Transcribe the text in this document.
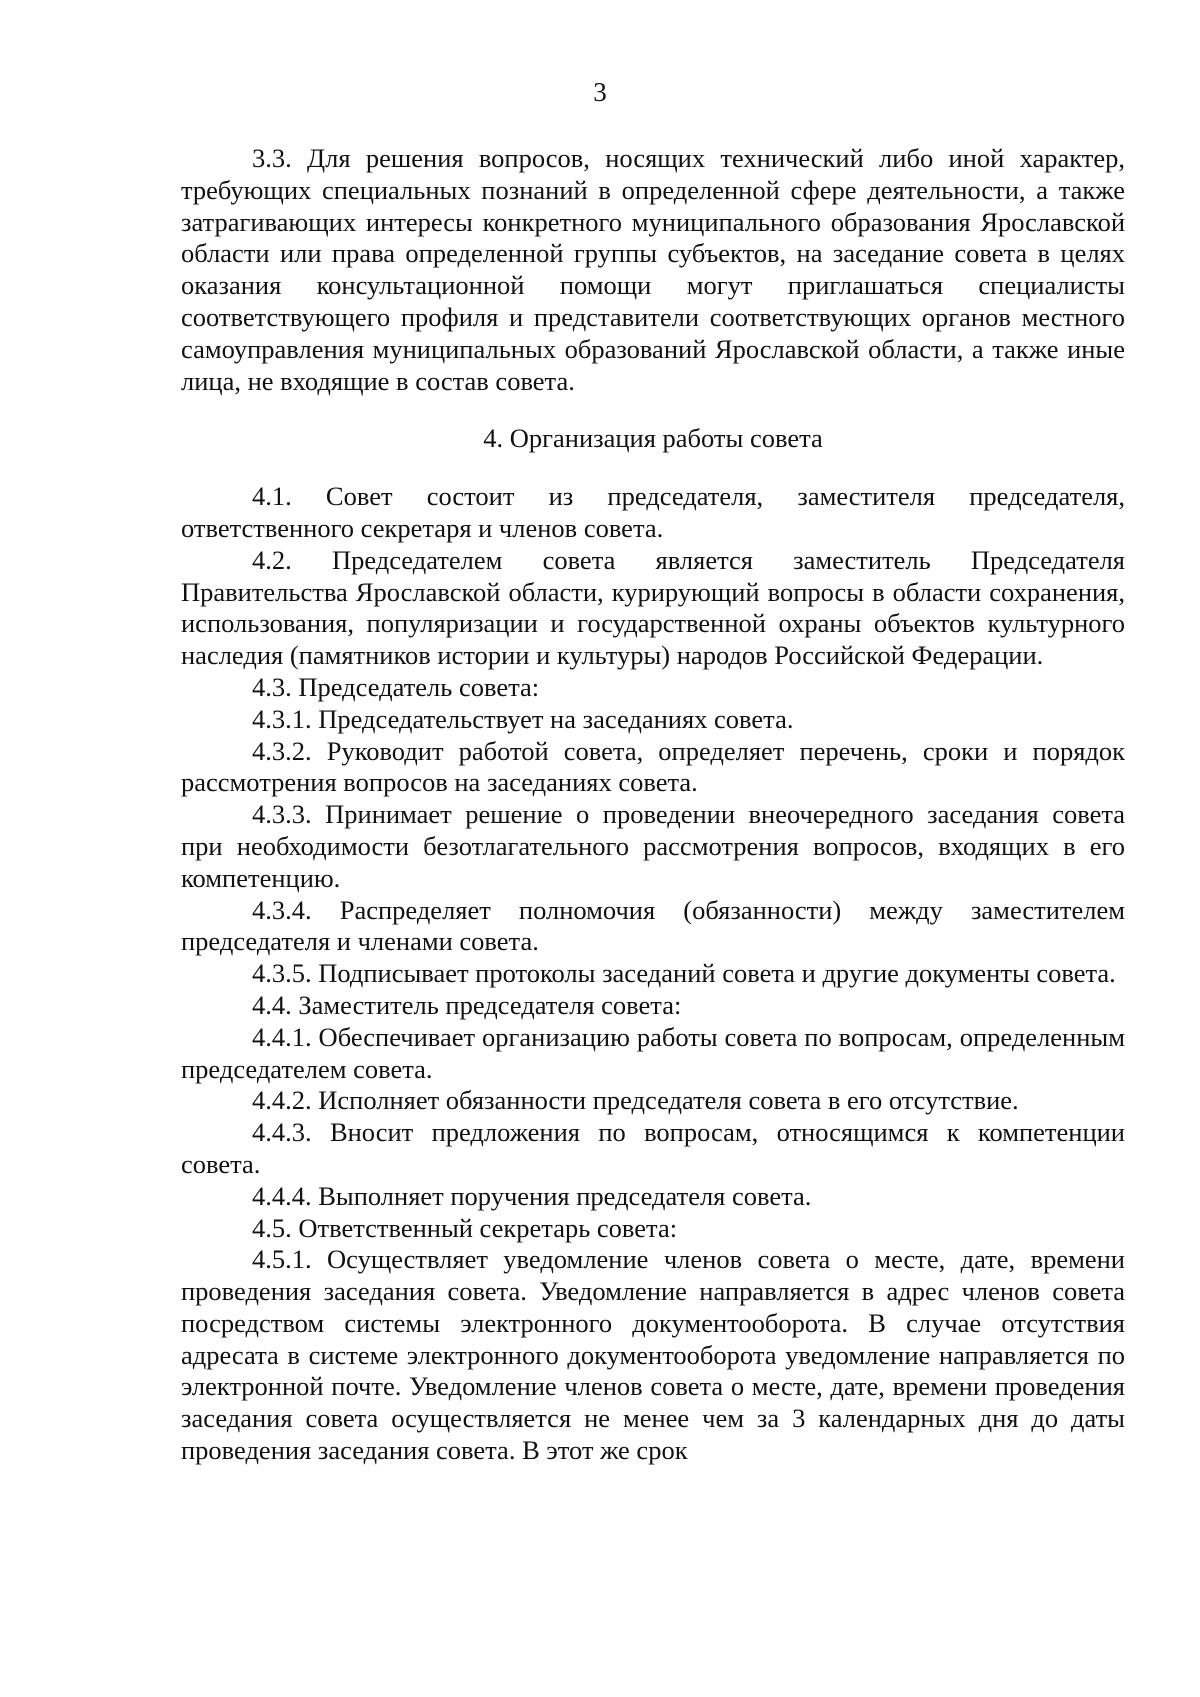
3

3.3. Для решения вопросов, носящих технический либо иной характер, требующих специальных познаний в определенной сфере деятельности, а также затрагивающих интересы конкретного муниципального образования Ярославской области или права определенной группы субъектов, на заседание совета в целях оказания консультационной помощи могут приглашаться специалисты соответствующего профиля и представители соответствующих органов местного самоуправления муниципальных образований Ярославской области, а также иные лица, не входящие в состав совета.

4. Организация работы совета

4.1. Совет состоит из председателя, заместителя председателя, ответственного секретаря и членов совета.

4.2. Председателем совета является заместитель Председателя Правительства Ярославской области, курирующий вопросы в области сохранения, использования, популяризации и государственной охраны объектов культурного наследия (памятников истории и культуры) народов Российской Федерации.

4.3. Председатель совета:

4.3.1. Председательствует на заседаниях совета.

4.3.2. Руководит работой совета, определяет перечень, сроки и порядок рассмотрения вопросов на заседаниях совета.

4.3.3. Принимает решение о проведении внеочередного заседания совета при необходимости безотлагательного рассмотрения вопросов, входящих в его компетенцию.

4.3.4. Распределяет полномочия (обязанности) между заместителем председателя и членами совета.

4.3.5. Подписывает протоколы заседаний совета и другие документы совета.

4.4. Заместитель председателя совета:

4.4.1. Обеспечивает организацию работы совета по вопросам, определенным председателем совета.

4.4.2. Исполняет обязанности председателя совета в его отсутствие.

4.4.3. Вносит предложения по вопросам, относящимся к компетенции совета.

4.4.4. Выполняет поручения председателя совета.

4.5. Ответственный секретарь совета:

4.5.1. Осуществляет уведомление членов совета о месте, дате, времени проведения заседания совета. Уведомление направляется в адрес членов совета посредством системы электронного документооборота. В случае отсутствия адресата в системе электронного документооборота уведомление направляется по электронной почте. Уведомление членов совета о месте, дате, времени проведения заседания совета осуществляется не менее чем за 3 календарных дня до даты проведения заседания совета. В этот же срок
